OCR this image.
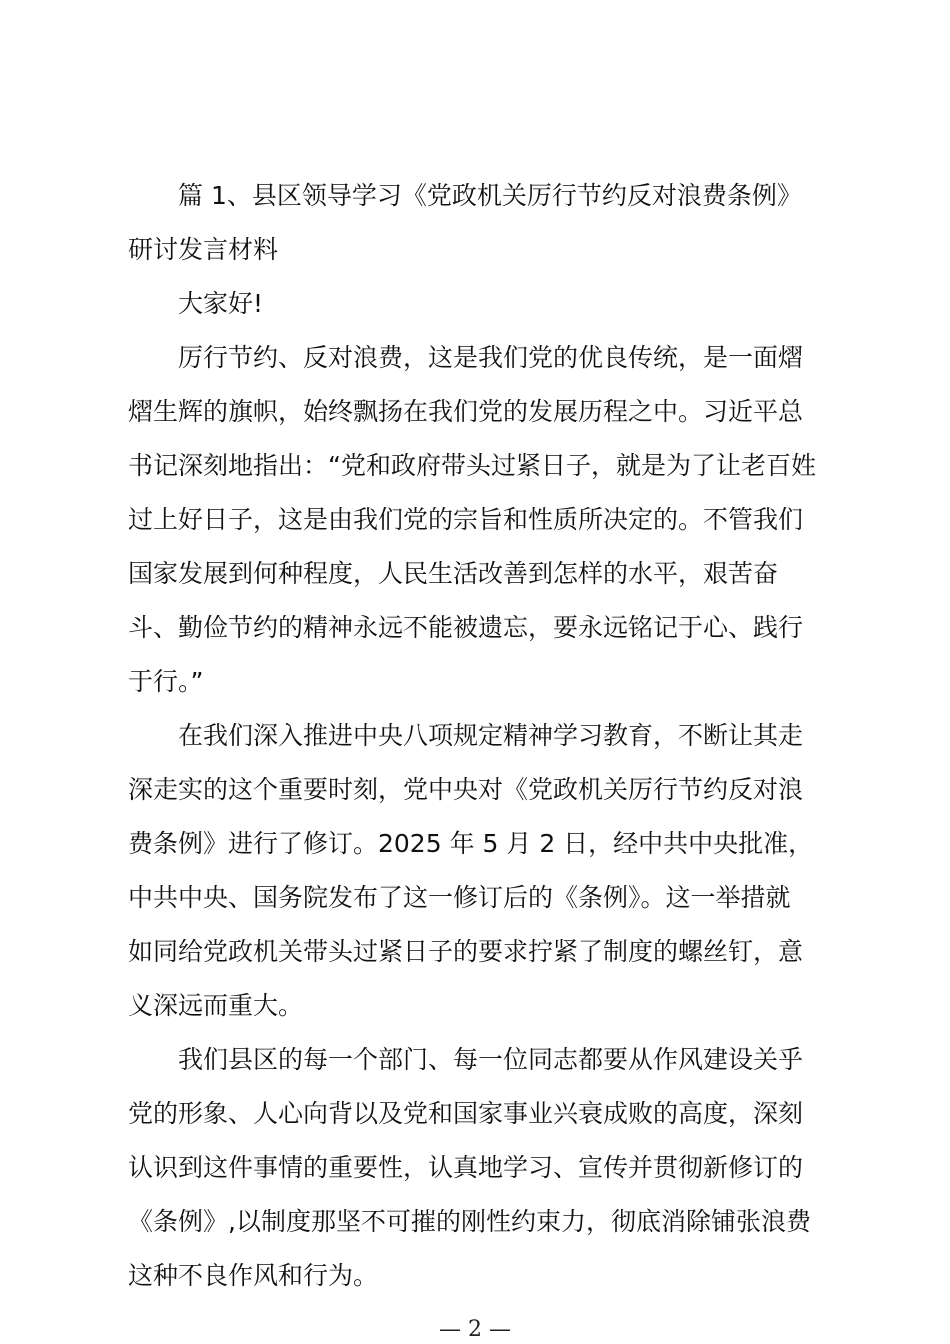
篇 1、县区领导学习《党政机关厉行节约反对浪费条例》
研讨发言材料
大家好!
厉行节约、反对浪费，这是我们党的优良传统，是一面熠
熠生辉的旗帜，始终飘扬在我们党的发展历程之中。习近平总
书记深刻地指出：“党和政府带头过紧日子，就是为了让老百姓
过上好日子，这是由我们党的宗旨和性质所决定的。不管我们
国家发展到何种程度，人民生活改善到怎样的水平，艰苦奋
斗、勤俭节约的精神永远不能被遗忘，要永远铭记于心、践行
于行。”
在我们深入推进中央八项规定精神学习教育，不断让其走
深走实的这个重要时刻，党中央对《党政机关厉行节约反对浪
费条例》进行了修订。2025 年 5 月 2 日，经中共中央批准，
中共中央、国务院发布了这一修订后的《条例》。这一举措就
如同给党政机关带头过紧日子的要求拧紧了制度的螺丝钉，意
义深远而重大。
我们县区的每一个部门、每一位同志都要从作风建设关乎
党的形象、人心向背以及党和国家事业兴衰成败的高度，深刻
认识到这件事情的重要性，认真地学习、宣传并贯彻新修订的
《条例》,以制度那坚不可摧的刚性约束力，彻底消除铺张浪费
这种不良作风和行为。
— 2 —
